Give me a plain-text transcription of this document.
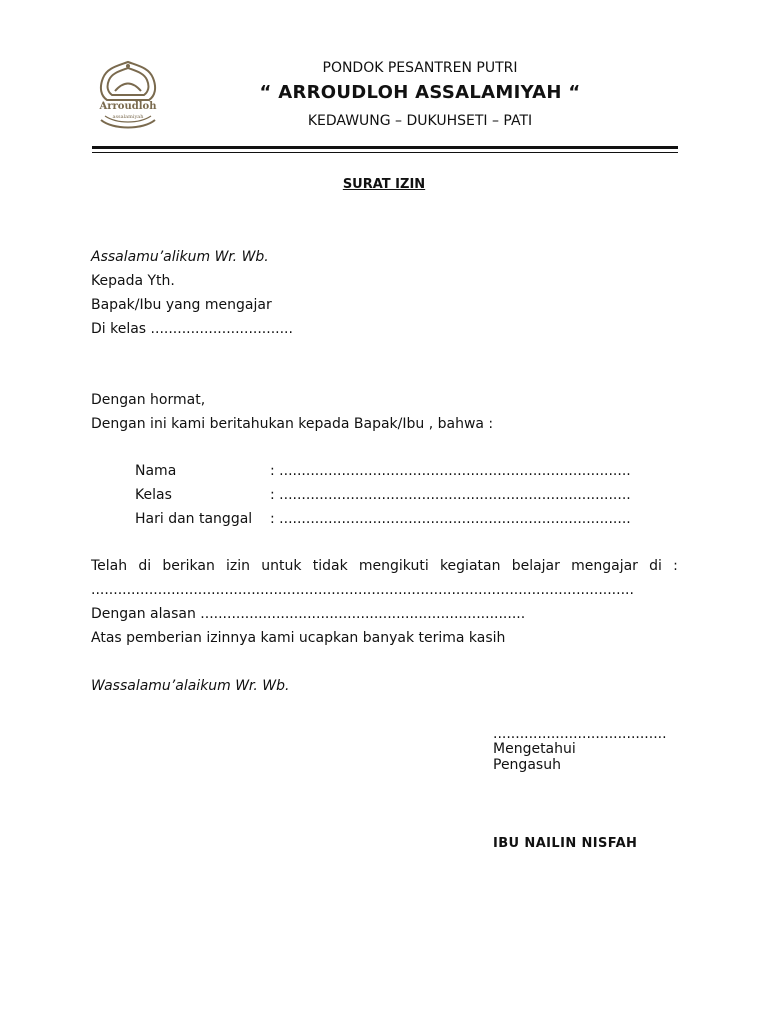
Arroudloh
assalamiyah
PONDOK PESANTREN PUTRI
“ ARROUDLOH ASSALAMIYAH “
KEDAWUNG – DUKUHSETI – PATI
SURAT IZIN
Assalamu’alikum Wr. Wb.
Kepada Yth.
Bapak/Ibu yang mengajar
Di kelas ................................
Dengan hormat,
Dengan ini kami beritahukan kepada Bapak/Ibu , bahwa :
Nama	: ...............................................................................
Kelas	: ...............................................................................
Hari dan tanggal : ...............................................................................
Telah di berikan izin untuk tidak mengikuti kegiatan belajar mengajar di :
..........................................................................................................................
Dengan alasan .........................................................................
Atas pemberian izinnya kami ucapkan banyak terima kasih
Wassalamu’alaikum Wr. Wb.
.......................................
Mengetahui
Pengasuh
IBU NAILIN NISFAH
